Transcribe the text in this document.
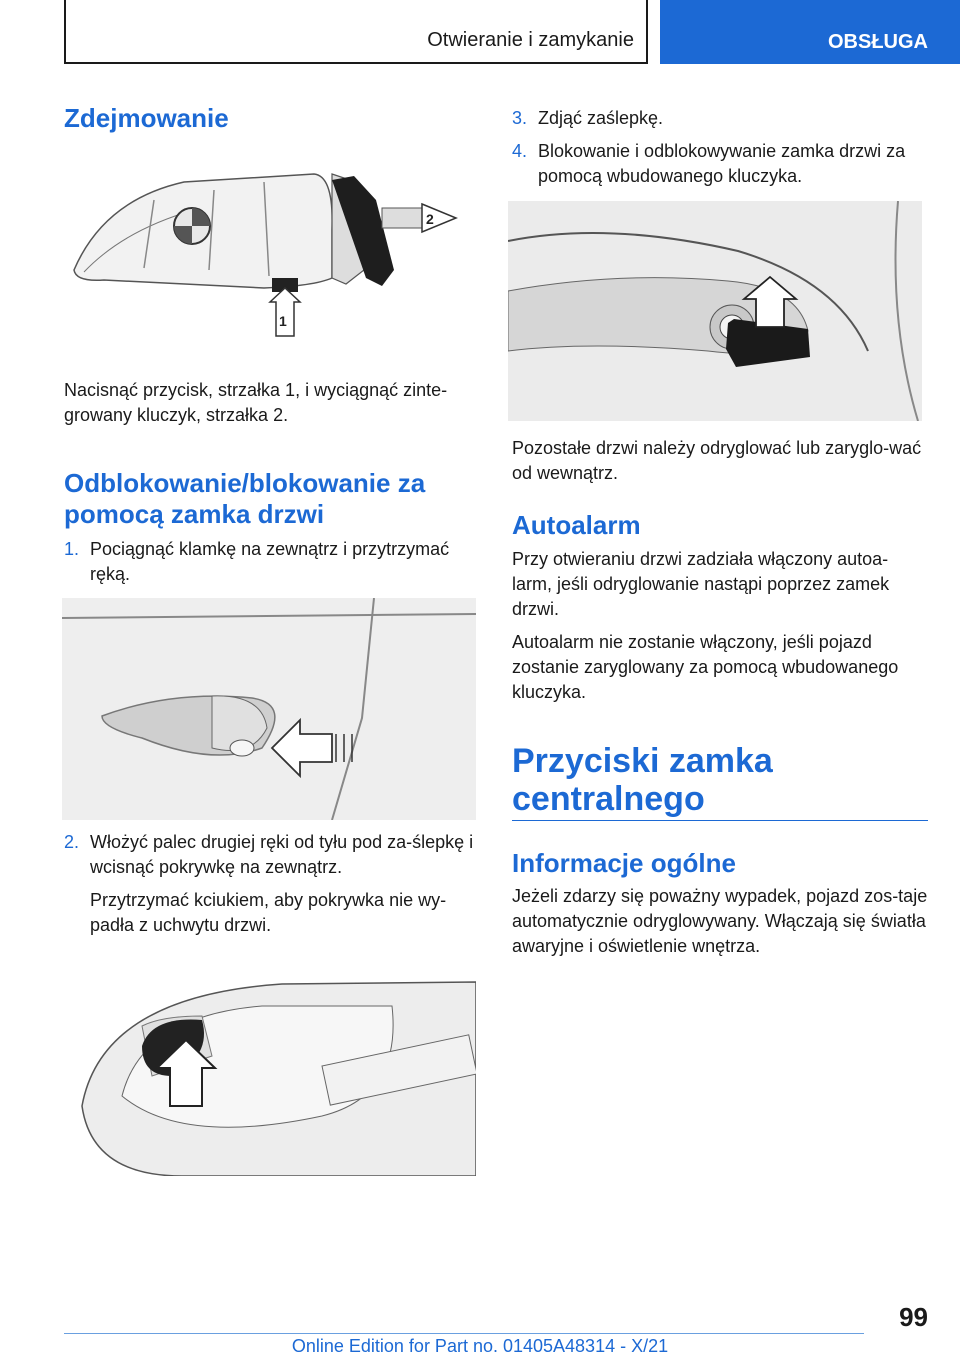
Otwieranie i zamykanie	OBSŁUGA
Zdejmowanie
2
1

Nacisnąć przycisk, strzałka 1, i wyciągnąć zinte‐growany kluczyk, strzałka 2.

Odblokowanie/blokowanie za pomocą zamka drzwi
1. Pociągnąć klamkę na zewnątrz i przytrzymać ręką.
2. Włożyć palec drugiej ręki od tyłu pod za‐ślepkę i wcisnąć pokrywkę na zewnątrz.
Przytrzymać kciukiem, aby pokrywka nie wy‐padła z uchwytu drzwi.
3. Zdjąć zaślepkę.
4. Blokowanie i odblokowywanie zamka drzwi za pomocą wbudowanego kluczyka.

Pozostałe drzwi należy odryglować lub zaryglo‐wać od wewnątrz.

Autoalarm

Przy otwieraniu drzwi zadziała włączony autoa‐larm, jeśli odryglowanie nastąpi poprzez zamek drzwi.

Autoalarm nie zostanie włączony, jeśli pojazd zostanie zaryglowany za pomocą wbudowanego kluczyka.

Przyciski zamka centralnego
Informacje ogólne

Jeżeli zdarzy się poważny wypadek, pojazd zos‐taje automatycznie odryglowywany. Włączają się światła awaryjne i oświetlenie wnętrza.

99
Online Edition for Part no. 01405A48314 - X/21
